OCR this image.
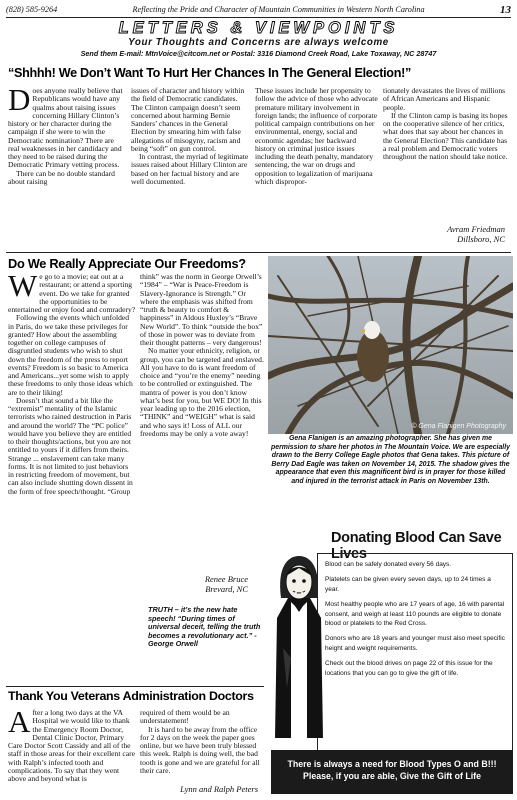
(828) 585-9264	Reflecting the Pride and Character of Mountain Communities in Western North Carolina	13
LETTERS & VIEWPOINTS
Your Thoughts and Concerns are always welcome
Send them E-mail: MtnVoice@citcom.net or Postal: 3316 Diamond Creek Road, Lake Toxaway, NC 28747
“Shhhh! We Don’t Want To Hurt Her Chances In The General Election!”
D oes anyone really believe that Republicans would have any qualms about raising issues concerning Hillary Clinton’s history or her character during the campaign if she were to win the Democratic nomination? There are real weaknesses in her candidacy and they need to be raised during the Democratic Primary vetting process.

There can be no double standard about raising

issues of character and history within the field of Democratic candidates. The Clinton campaign doesn’t seem concerned about harming Bernie Sanders’ chances in the General Election by smearing him with false allegations of misogyny, racism and being “soft” on gun control.

In contrast, the myriad of legitimate issues raised about Hillary Clinton are based on her factual history and are well documented.

These issues include her propensity to follow the advice of those who advocate premature military involvement in foreign lands; the influence of corporate political campaign contributions on her environmental, energy, social and economic agendas; her backward history on criminal justice issues including the death penalty, mandatory sentencing, the war on drugs and opposition to legalization of marijuana which dispropor-

tionately devastates the lives of millions of African Americans and Hispanic people.

If the Clinton camp is basing its hopes on the cooperative silence of her critics, what does that say about her chances in the General Election? This candidate has a real problem and Democratic voters throughout the nation should take notice.

Avram Friedman
Dillsboro, NC
Do We Really Appreciate Our Freedoms?
W e go to a movie; eat out at a restaurant; or attend a sporting event. Do we take for granted the opportunities to be entertained or enjoy food and comradery?

Following the events which unfolded in Paris, do we take these privileges for granted? How about the assembling together on college campuses of disgruntled students who wish to shut down the freedom of the press to report events? Freedom is so basic to America and Americans...yet some wish to apply these freedoms to only those ideas which are to their liking!

Doesn’t that sound a bit like the “extremist” mentality of the Islamic terrorists who rained destruction in Paris and around the world? The “PC police” would have you believe they are entitled to their thoughts/actions, but you are not entitled to yours if it differs from theirs. Strange ... enslavement can take many forms. It is not limited to just behaviors in restricting freedom of movement, but can also include shutting down dissent in the form of free speech/thought. “Group

think” was the norm in George Orwell’s “1984” – “War is Peace-Freedom is Slavery-Ignorance is Strength.” Or where the emphasis was shifted from “truth & beauty to comfort & happiness” in Aldous Huxley’s “Brave New World”. To think “outside the box” of those in power was to deviate from their thought patterns – very dangerous!

No matter your ethnicity, religion, or group, you can be targeted and enslaved. All you have to do is want freedom of choice and “you’re the enemy” needing to be controlled or extinguished. The mantra of power is you don’t know what’s best for you, but WE DO! In this year leading up to the 2016 election, “THINK” and “WEIGH” what is said and who says it! Loss of ALL our freedoms may be only a vote away!

Renee Bruce
Brevard, NC
TRUTH – it’s the new hate speech! “During times of universal deceit, telling the truth becomes a revolutionary act.” - George Orwell
© Gena Flanigen Photography
Gena Flanigen is an amazing photographer. She has given me permission to share her photos in The Mountain Voice. We are especially drawn to the Berry College Eagle photos that Gena takes. This picture of Berry Dad Eagle was taken on November 14, 2015. The shadow gives the appearance that even this magnificent bird is in prayer for those killed and injured in the terrorist attack in Paris on November 13th.
Thank You Veterans Administration Doctors
A fter a long two days at the VA Hospital we would like to thank the Emergency Room Doctor, Dental Clinic Doctor, Primary Care Doctor Scott Cassidy and all of the staff in those areas for their excellent care with Ralph’s infected tooth and complications. To say that they went above and beyond what is

required of them would be an understatement!

It is hard to be away from the office for 2 days on the week the paper goes online, but we have been truly blessed this week. Ralph is doing well, the bad tooth is gone and we are grateful for all their care.

Lynn and Ralph Peters
Donating Blood Can Save Lives

Blood can be safely donated every 56 days.

Platelets can be given every seven days, up to 24 times a year.

Most healthy people who are 17 years of age, 16 with parental consent, and weigh at least 110 pounds are eligible to donate blood or platelets to the Red Cross.

Donors who are 18 years and younger must also meet specific height and weight requirements.

Check out the blood drives on page 22 of this issue for the locations that you can go to give the gift of life.

There is always a need for Blood Types O and B!!!
Please, if you are able, Give the Gift of Life
